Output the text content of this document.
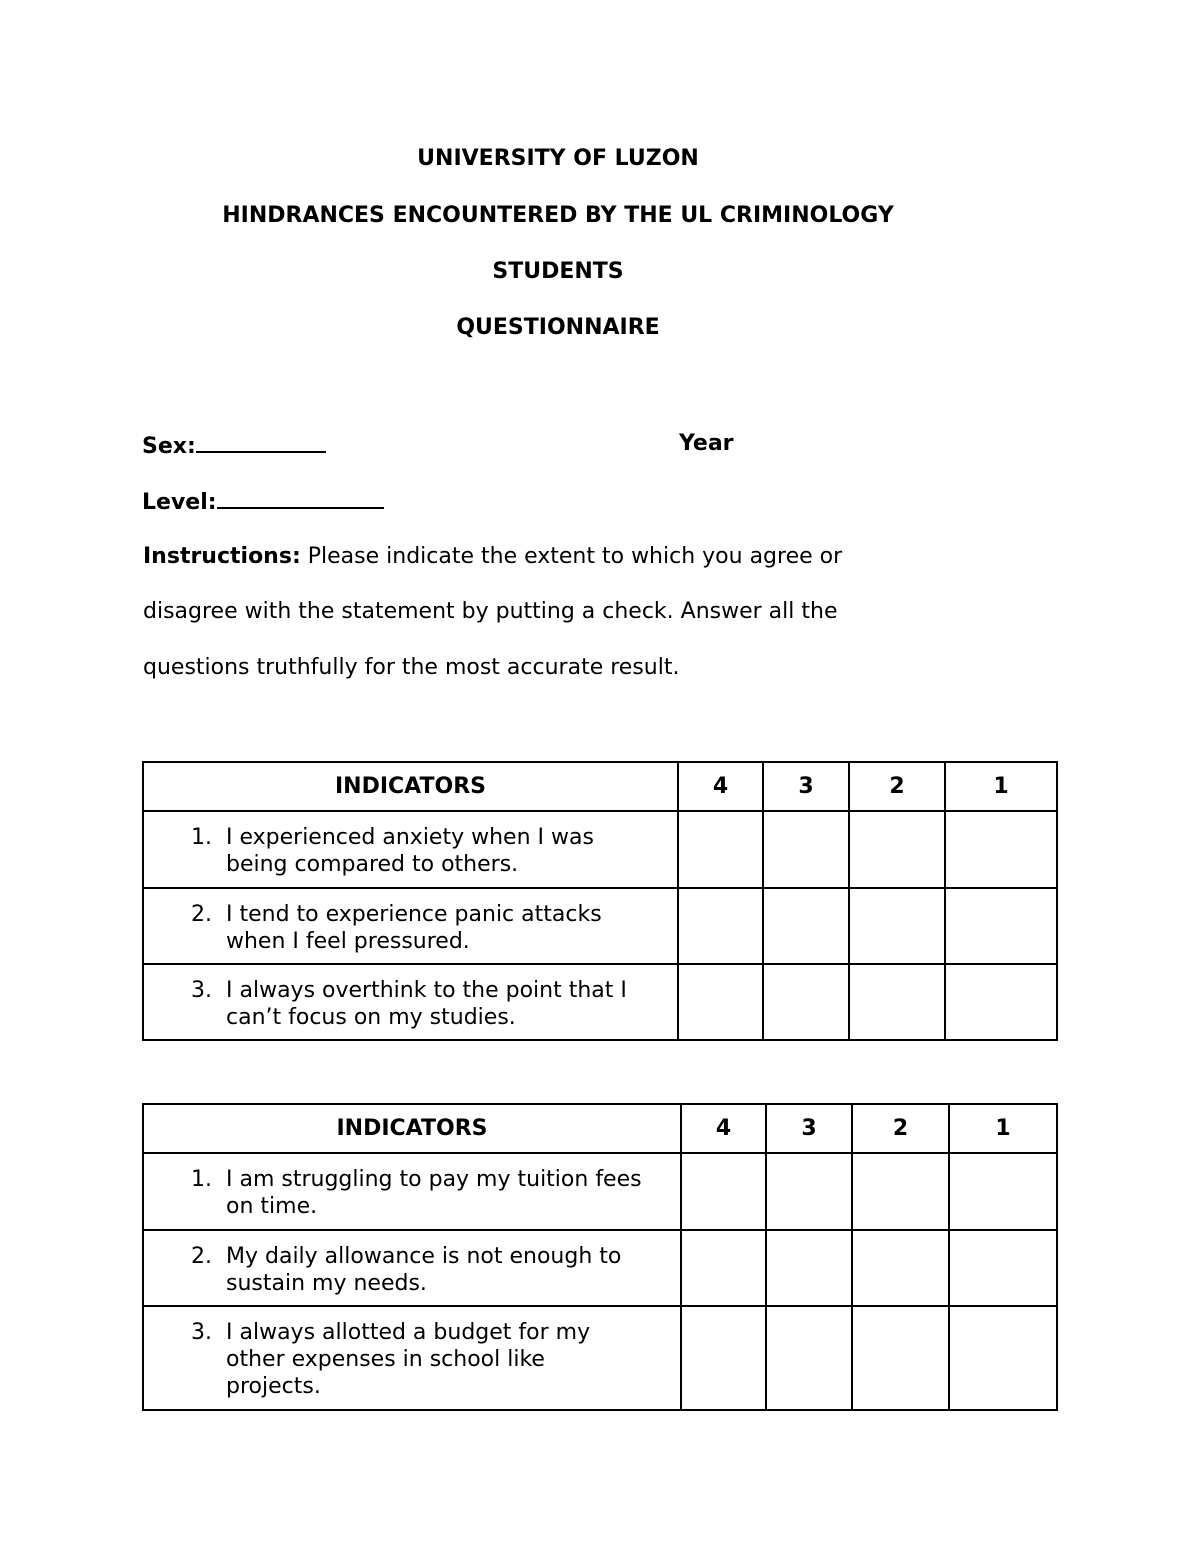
UNIVERSITY OF LUZON
HINDRANCES ENCOUNTERED BY THE UL CRIMINOLOGY
STUDENTS
QUESTIONNAIRE
Sex:	Year
Level:
Instructions: Please indicate the extent to which you agree or
disagree with the statement by putting a check. Answer all the
questions truthfully for the most accurate result.
INDICATORS	4	3	2	1

1. I experienced anxiety when I was
being compared to others.				

2. I tend to experience panic attacks
when I feel pressured.				

3. I always overthink to the point that I
can’t focus on my studies.				

INDICATORS	4	3	2	1

1. I am struggling to pay my tuition fees
on time.				

2. My daily allowance is not enough to
sustain my needs.				

3. I always allotted a budget for my
other expenses in school like
projects.				
